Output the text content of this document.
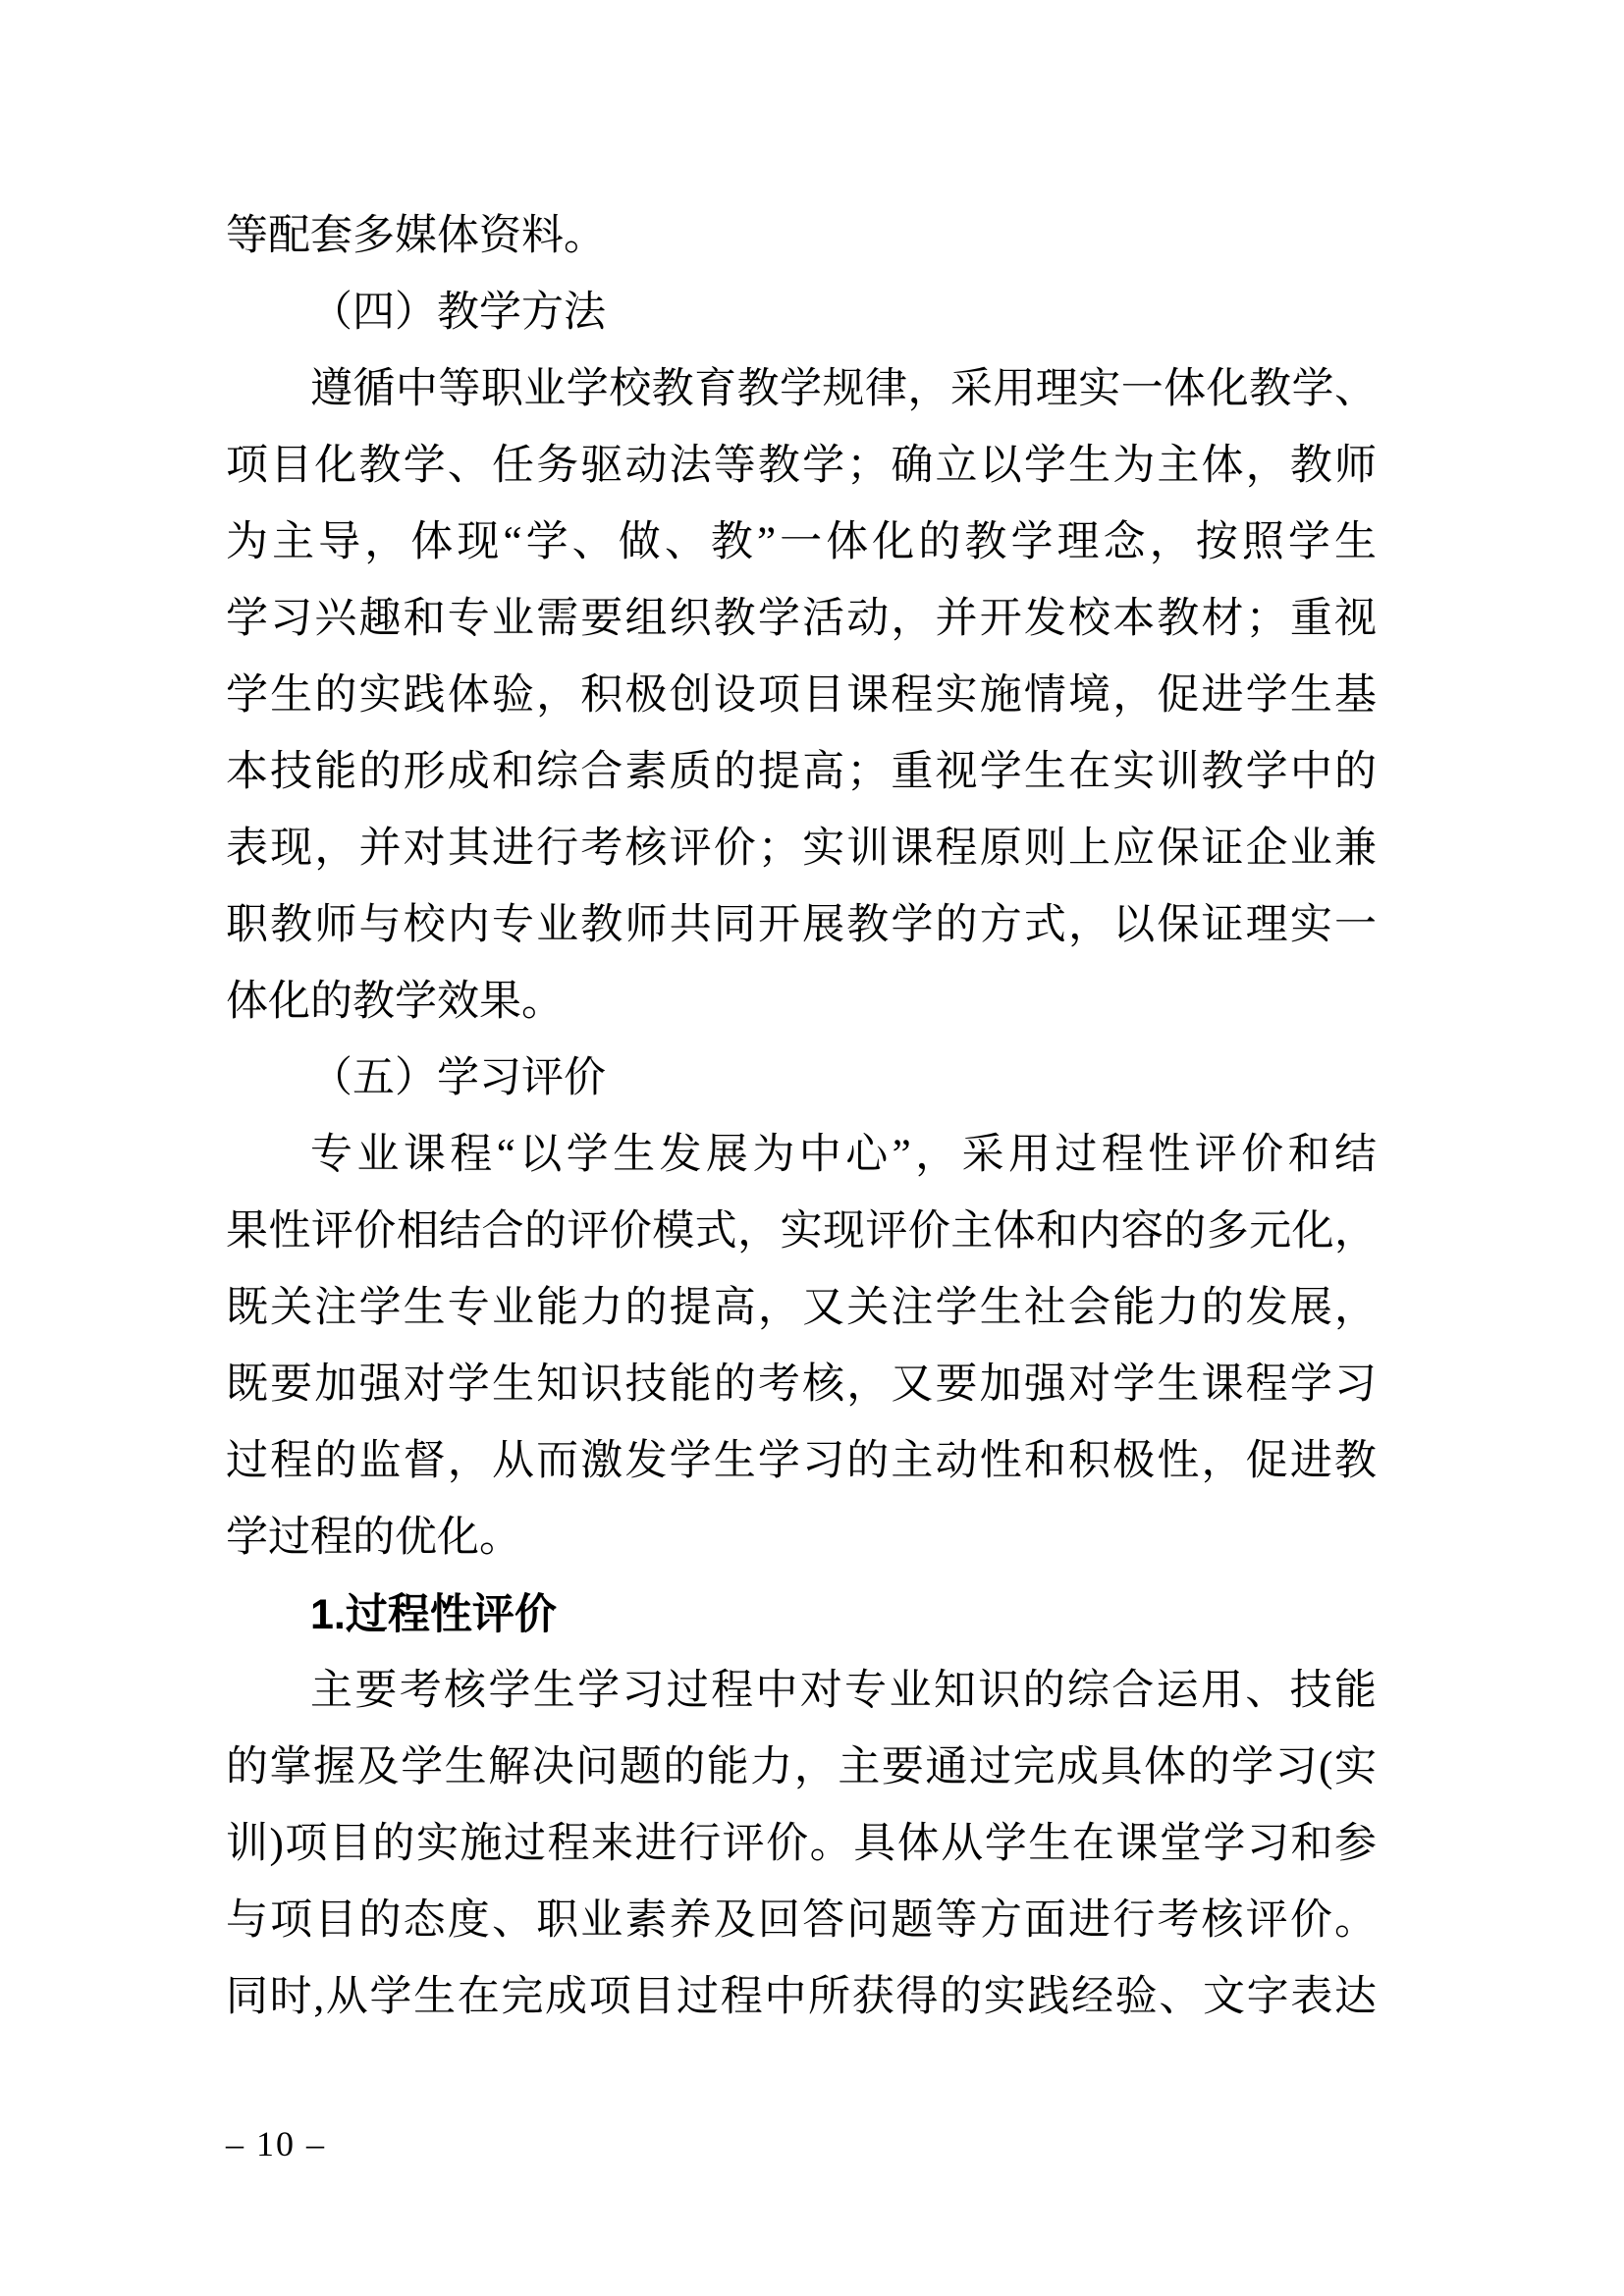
等配套多媒体资料。
（四）教学方法
遵循中等职业学校教育教学规律，采用理实一体化教学、
项目化教学、任务驱动法等教学；确立以学生为主体，教师
为主导，体现“学、做、教”一体化的教学理念，按照学生
学习兴趣和专业需要组织教学活动，并开发校本教材；重视
学生的实践体验，积极创设项目课程实施情境，促进学生基
本技能的形成和综合素质的提高；重视学生在实训教学中的
表现，并对其进行考核评价；实训课程原则上应保证企业兼
职教师与校内专业教师共同开展教学的方式，以保证理实一
体化的教学效果。
（五）学习评价
专业课程“以学生发展为中心”，采用过程性评价和结
果性评价相结合的评价模式，实现评价主体和内容的多元化，
既关注学生专业能力的提高，又关注学生社会能力的发展，
既要加强对学生知识技能的考核，又要加强对学生课程学习
过程的监督，从而激发学生学习的主动性和积极性，促进教
学过程的优化。
1.过程性评价
主要考核学生学习过程中对专业知识的综合运用、技能
的掌握及学生解决问题的能力，主要通过完成具体的学习(实
训)项目的实施过程来进行评价。具体从学生在课堂学习和参
与项目的态度、职业素养及回答问题等方面进行考核评价。
同时,从学生在完成项目过程中所获得的实践经验、文字表达
– 10 –
